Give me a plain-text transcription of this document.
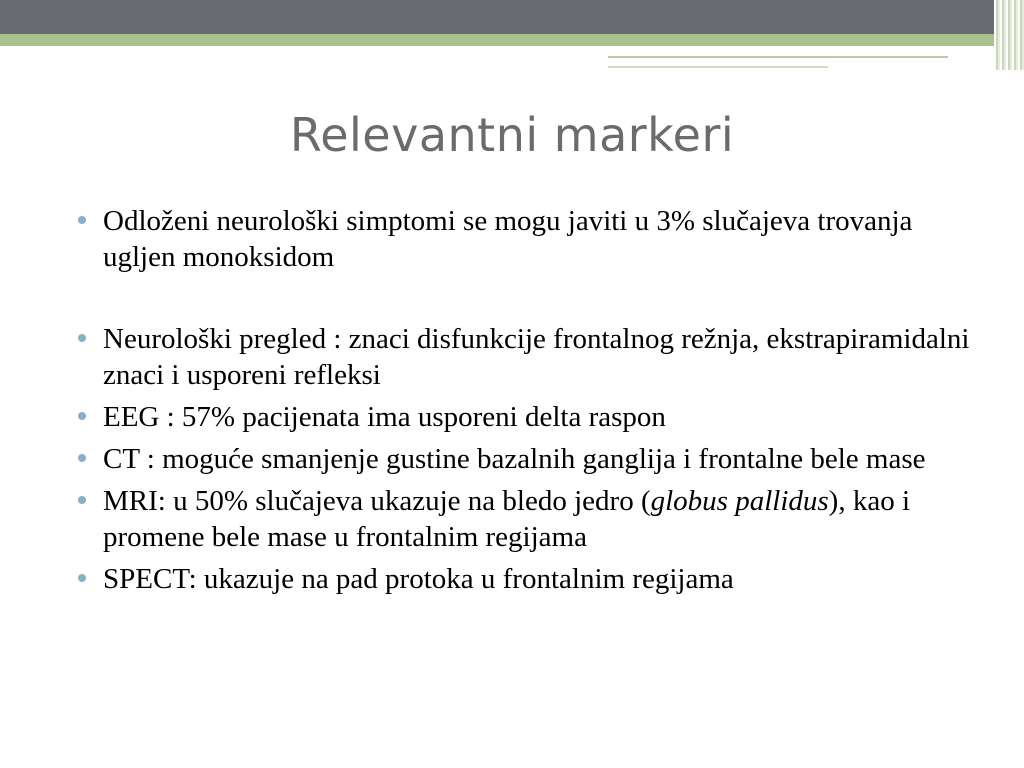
Relevantni markeri
Odloženi neurološki simptomi se mogu javiti u 3% slučajeva trovanja ugljen monoksidom
Neurološki pregled : znaci disfunkcije frontalnog režnja, ekstrapiramidalni znaci i usporeni refleksi
EEG : 57% pacijenata ima usporeni delta raspon
CT : moguće smanjenje gustine bazalnih ganglija i frontalne bele mase
MRI: u 50% slučajeva ukazuje na bledo jedro (globus pallidus), kao i promene bele mase u frontalnim regijama
SPECT: ukazuje na pad protoka u frontalnim regijama
